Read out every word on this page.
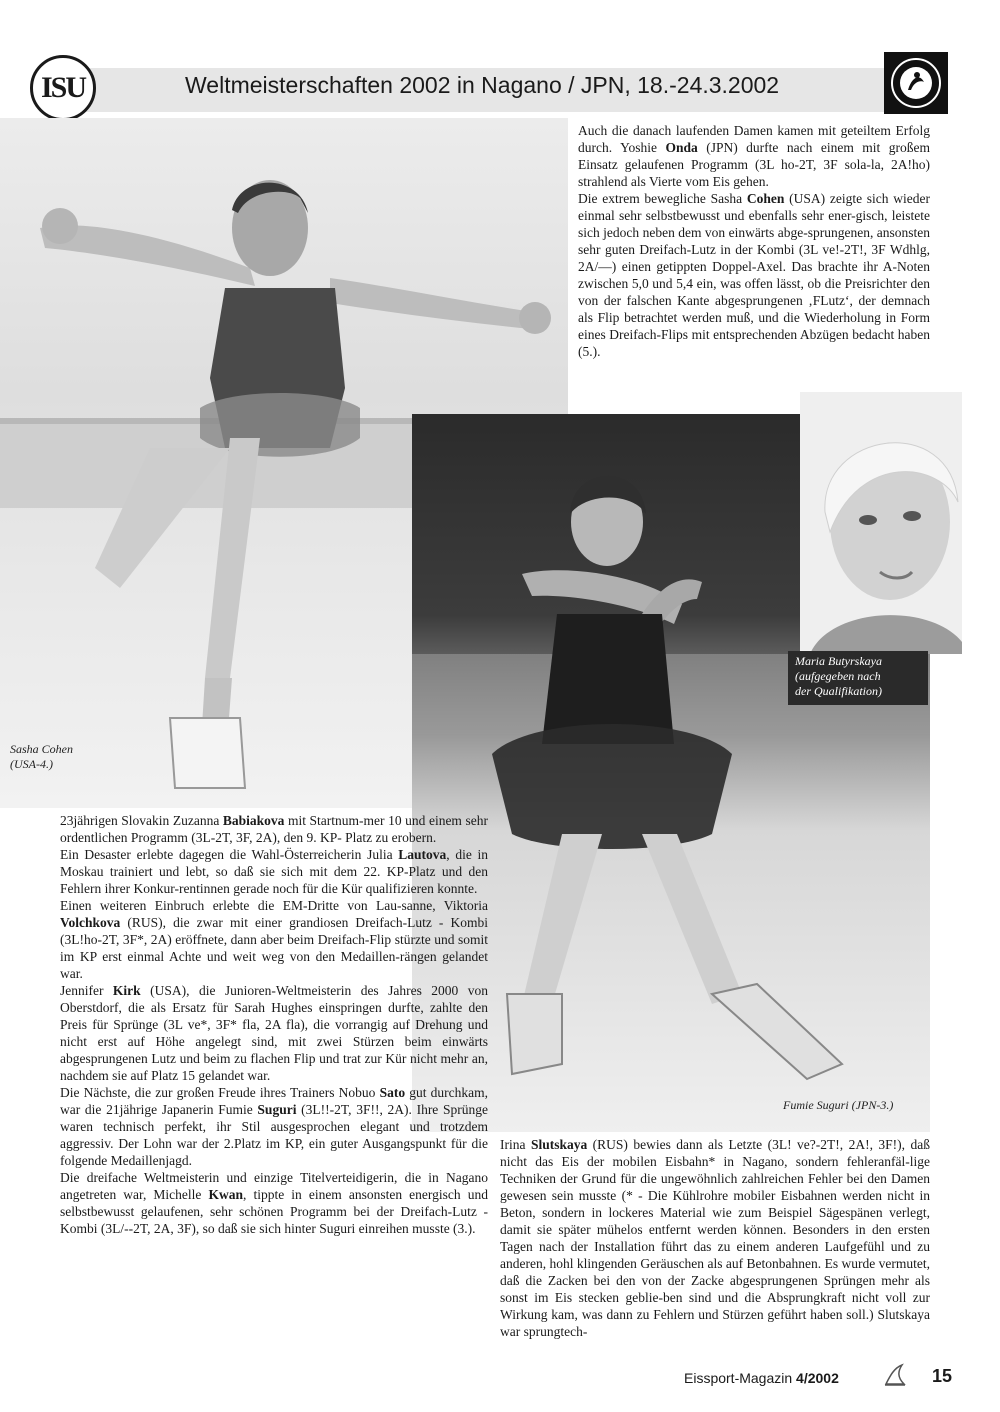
ISU	Weltmeisterschaften 2002 in Nagano / JPN, 18.-24.3.2002
Sasha Cohen
(USA-4.)
Maria Butyrskaya
(aufgegeben nach
der Qualifikation)
Fumie Suguri (JPN-3.)

Auch die danach laufenden Damen kamen mit geteiltem Erfolg durch. Yoshie Onda (JPN) durfte nach einem mit großem Einsatz gelaufenen Programm (3L ho-2T, 3F sola-la, 2A!ho) strahlend als Vierte vom Eis gehen.

Die extrem bewegliche Sasha Cohen (USA) zeigte sich wieder einmal sehr selbstbewusst und ebenfalls sehr ener-gisch, leistete sich jedoch neben dem von einwärts abge-sprungenen, ansonsten sehr guten Dreifach-Lutz in der Kombi (3L ve!-2T!, 3F Wdhlg, 2A/—) einen getippten Doppel-Axel. Das brachte ihr A-Noten zwischen 5,0 und 5,4 ein, was offen lässt, ob die Preisrichter den von der falschen Kante abgesprungenen ‚FLutz‘, der demnach als Flip betrachtet werden muß, und die Wiederholung in Form eines Dreifach-Flips mit entsprechenden Abzügen bedacht haben (5.).

23jährigen Slovakin Zuzanna Babiakova mit Startnum-mer 10 und einem sehr ordentlichen Programm (3L-2T, 3F, 2A), den 9. KP- Platz zu erobern.

Ein Desaster erlebte dagegen die Wahl-Österreicherin Julia Lautova, die in Moskau trainiert und lebt, so daß sie sich mit dem 22. KP-Platz und den Fehlern ihrer Konkur-rentinnen gerade noch für die Kür qualifizieren konnte.

Einen weiteren Einbruch erlebte die EM-Dritte von Lau-sanne, Viktoria Volchkova (RUS), die zwar mit einer grandiosen Dreifach-Lutz - Kombi (3L!ho-2T, 3F*, 2A) eröffnete, dann aber beim Dreifach-Flip stürzte und somit im KP erst einmal Achte und weit weg von den Medaillen-rängen gelandet war.

Jennifer Kirk (USA), die Junioren-Weltmeisterin des Jahres 2000 von Oberstdorf, die als Ersatz für Sarah Hughes einspringen durfte, zahlte den Preis für Sprünge (3L ve*, 3F* fla, 2A fla), die vorrangig auf Drehung und nicht erst auf Höhe angelegt sind, mit zwei Stürzen beim einwärts abgesprungenen Lutz und beim zu flachen Flip und trat zur Kür nicht mehr an, nachdem sie auf Platz 15 gelandet war.

Die Nächste, die zur großen Freude ihres Trainers Nobuo Sato gut durchkam, war die 21jährige Japanerin Fumie Suguri (3L!!-2T, 3F!!, 2A). Ihre Sprünge waren technisch perfekt, ihr Stil ausgesprochen elegant und trotzdem aggressiv. Der Lohn war der 2.Platz im KP, ein guter Ausgangspunkt für die folgende Medaillenjagd.

Die dreifache Weltmeisterin und einzige Titelverteidigerin, die in Nagano angetreten war, Michelle Kwan, tippte in einem ansonsten energisch und selbstbewusst gelaufenen, sehr schönen Programm bei der Dreifach-Lutz - Kombi (3L/--2T, 2A, 3F), so daß sie sich hinter Suguri einreihen musste (3.).

Irina Slutskaya (RUS) bewies dann als Letzte (3L! ve?-2T!, 2A!, 3F!), daß nicht das Eis der mobilen Eisbahn* in Nagano, sondern fehleranfäl-lige Techniken der Grund für die ungewöhnlich zahlreichen Fehler bei den Damen gewesen sein musste (* - Die Kühlrohre mobiler Eisbahnen werden nicht in Beton, sondern in lockeres Material wie zum Beispiel Sägespänen verlegt, damit sie später mühelos entfernt werden können. Besonders in den ersten Tagen nach der Installation führt das zu einem anderen Laufgefühl und zu anderen, hohl klingenden Geräuschen als auf Betonbahnen. Es wurde vermutet, daß die Zacken bei den von der Zacke abgesprungenen Sprüngen mehr als sonst im Eis stecken geblie-ben sind und die Absprungkraft nicht voll zur Wirkung kam, was dann zu Fehlern und Stürzen geführt haben soll.) Slutskaya war sprungtech-

Eissport-Magazin 4/2002	15
